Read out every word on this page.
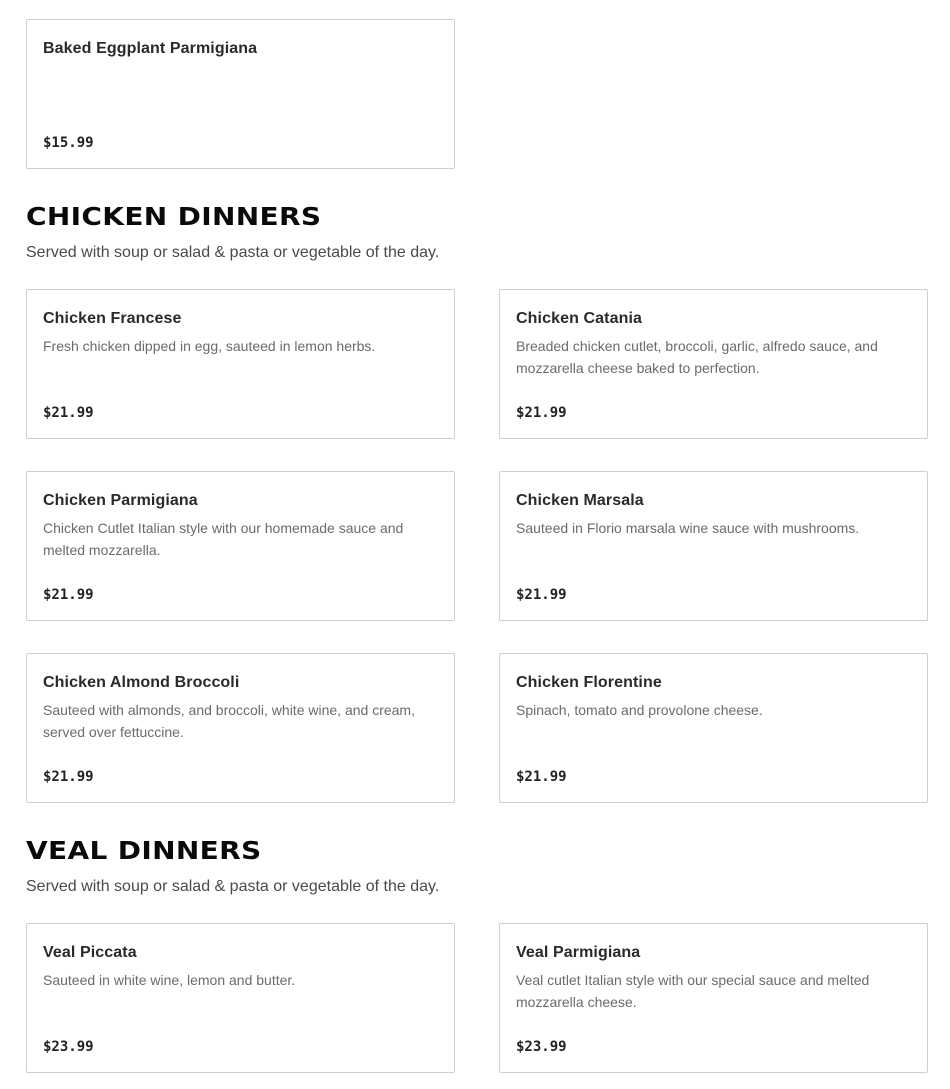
Baked Eggplant Parmigiana
$15.99
CHICKEN DINNERS
Served with soup or salad & pasta or vegetable of the day.
Chicken Francese
Fresh chicken dipped in egg, sauteed in lemon herbs.
$21.99
Chicken Catania
Breaded chicken cutlet, broccoli, garlic, alfredo sauce, and mozzarella cheese baked to perfection.
$21.99
Chicken Parmigiana
Chicken Cutlet Italian style with our homemade sauce and melted mozzarella.
$21.99
Chicken Marsala
Sauteed in Florio marsala wine sauce with mushrooms.
$21.99
Chicken Almond Broccoli
Sauteed with almonds, and broccoli, white wine, and cream, served over fettuccine.
$21.99
Chicken Florentine
Spinach, tomato and provolone cheese.
$21.99
VEAL DINNERS
Served with soup or salad & pasta or vegetable of the day.
Veal Piccata
Sauteed in white wine, lemon and butter.
$23.99
Veal Parmigiana
Veal cutlet Italian style with our special sauce and melted mozzarella cheese.
$23.99
